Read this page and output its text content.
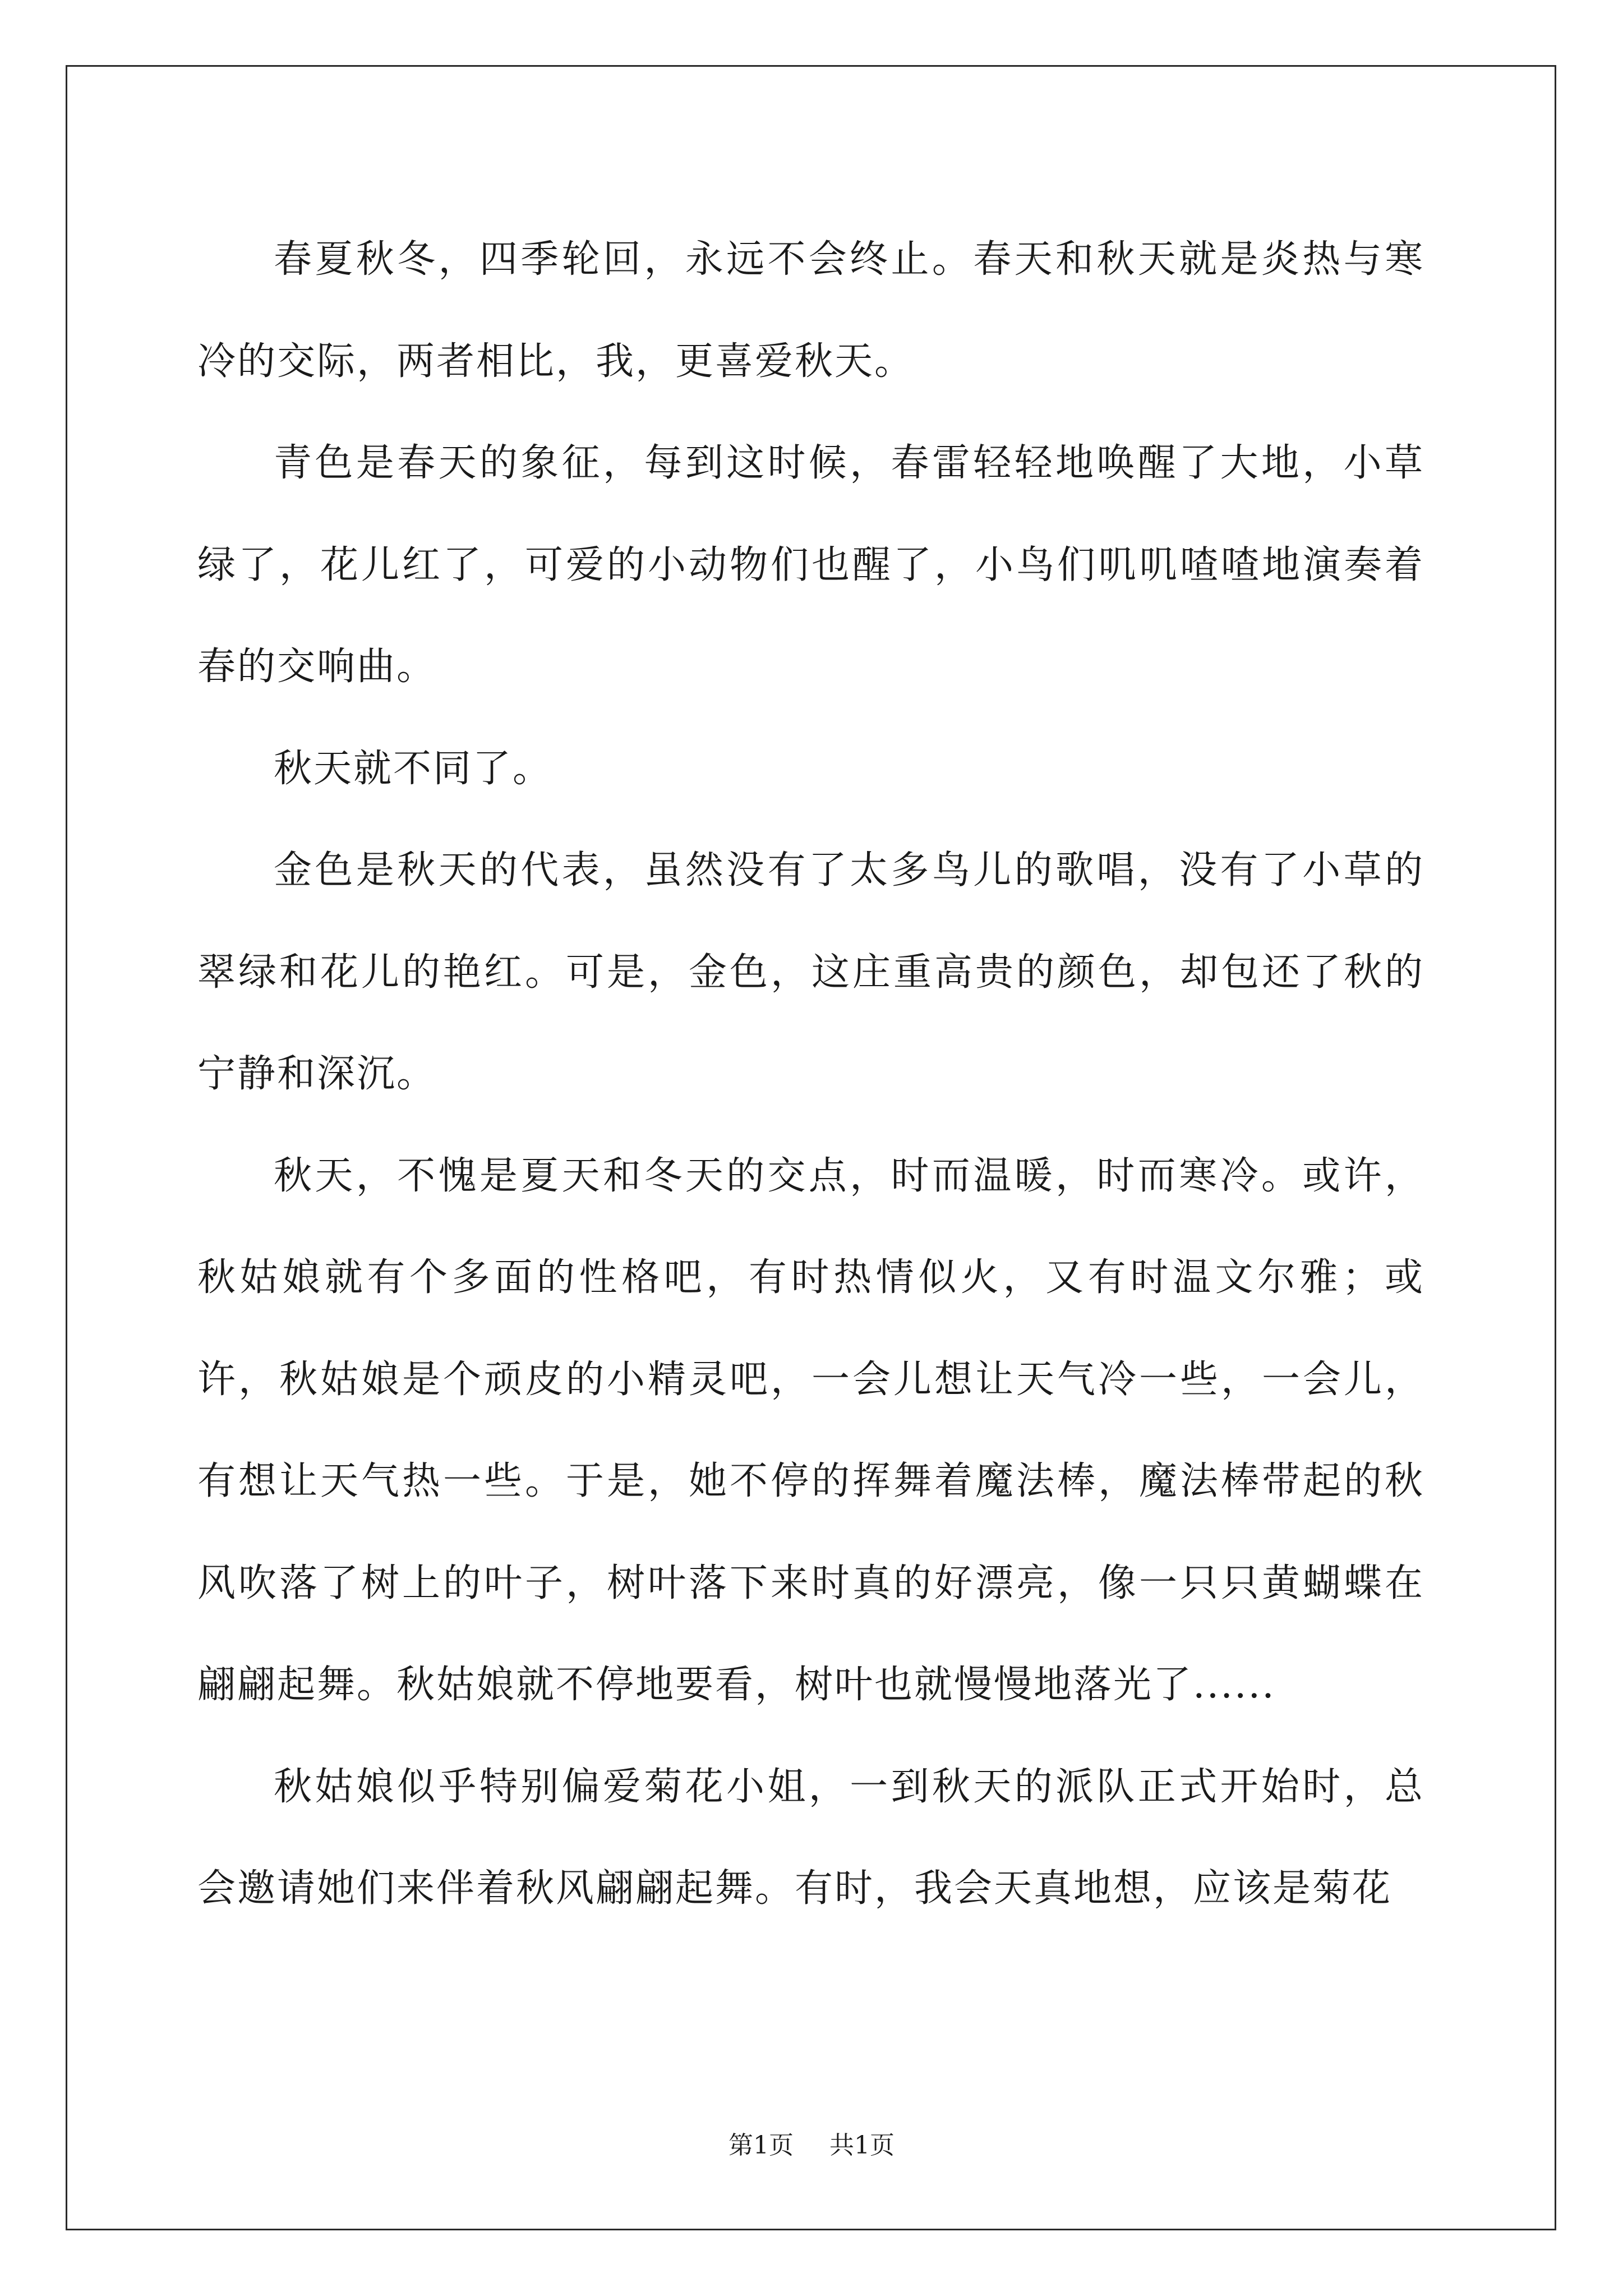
春夏秋冬，四季轮回，永远不会终止。春天和秋天就是炎热与寒冷的交际，两者相比，我，更喜爱秋天。

青色是春天的象征，每到这时候，春雷轻轻地唤醒了大地，小草绿了，花儿红了，可爱的小动物们也醒了，小鸟们叽叽喳喳地演奏着春的交响曲。

秋天就不同了。

金色是秋天的代表，虽然没有了太多鸟儿的歌唱，没有了小草的翠绿和花儿的艳红。可是，金色，这庄重高贵的颜色，却包还了秋的宁静和深沉。

秋天，不愧是夏天和冬天的交点，时而温暖，时而寒冷。或许，秋姑娘就有个多面的性格吧，有时热情似火，又有时温文尔雅；或许，秋姑娘是个顽皮的小精灵吧，一会儿想让天气冷一些，一会儿，有想让天气热一些。于是，她不停的挥舞着魔法棒，魔法棒带起的秋风吹落了树上的叶子，树叶落下来时真的好漂亮，像一只只黄蝴蝶在翩翩起舞。秋姑娘就不停地要看，树叶也就慢慢地落光了......

秋姑娘似乎特别偏爱菊花小姐，一到秋天的派队正式开始时，总会邀请她们来伴着秋风翩翩起舞。有时，我会天真地想，应该是菊花

第1页 共1页
